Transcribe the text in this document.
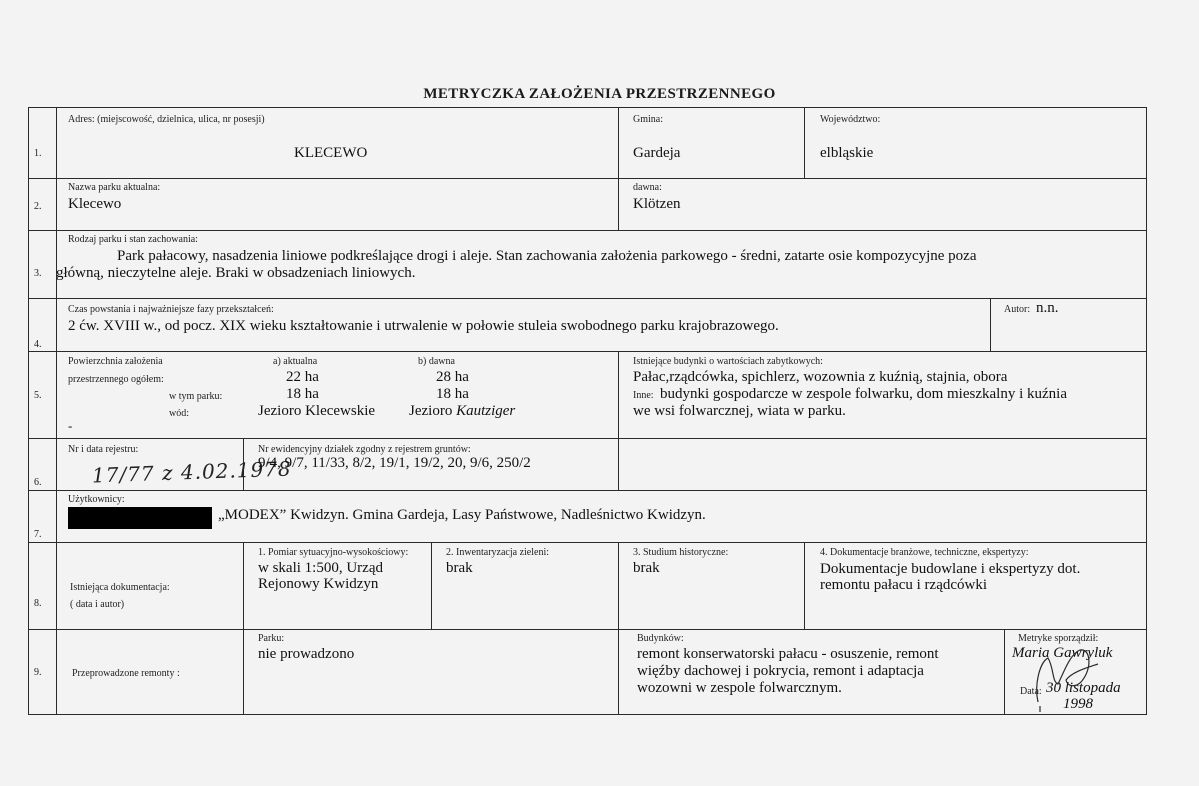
METRYCZKA ZAŁOŻENIA PRZESTRZENNEGO
1.
2.
3.
4.
5.
6.
7.
8.
9.
Adres: (miejscowość, dzielnica, ulica, nr posesji)
KLECEWO
Gmina:
Gardeja
Województwo:
elbląskie
Nazwa parku aktualna:
Klecewo
dawna:
Klötzen
Rodzaj parku i stan zachowania:
Park pałacowy, nasadzenia liniowe podkreślające drogi i aleje. Stan zachowania założenia parkowego - średni, zatarte osie kompozycyjne poza
główną, nieczytelne aleje. Braki w obsadzeniach liniowych.
Czas powstania i najważniejsze fazy przekształceń:
2 ćw. XVIII w., od pocz. XIX wieku kształtowanie i utrwalenie w połowie stuleia swobodnego parku krajobrazowego.
Autor: n.n.
Powierzchnia założenia
przestrzennego ogółem:
w tym parku:
wód:
-
a) aktualna	b) dawna
22 ha
18 ha
Jezioro Klecewskie
28 ha
18 ha
Jezioro Kautziger
Istniejące budynki o wartościach zabytkowych:
Pałac,rządcówka, spichlerz, wozownia z kuźnią, stajnia, obora
Inne: budynki gospodarcze w zespole folwarku, dom mieszkalny i kuźnia
we wsi folwarcznej, wiata w parku.
Nr i data rejestru:
17/77 z 4.02.1978
Nr ewidencyjny działek zgodny z rejestrem gruntów:
9/4, 9/7, 11/33, 8/2, 19/1, 19/2, 20, 9/6, 250/2
Użytkownicy:
„MODEX” Kwidzyn. Gmina Gardeja, Lasy Państwowe, Nadleśnictwo Kwidzyn.
Istniejąca dokumentacja:
( data i autor)
1. Pomiar sytuacyjno-wysokościowy:
w skali 1:500, Urząd
Rejonowy Kwidzyn
2. Inwentaryzacja zieleni:
brak
3. Studium historyczne:
brak
4. Dokumentacje branżowe, techniczne, ekspertyzy:
Dokumentacje budowlane i ekspertyzy dot.
remontu pałacu i rządcówki
Przeprowadzone remonty :
Parku:
nie prowadzono
Budynków:
remont konserwatorski pałacu - osuszenie, remont
więźby dachowej i pokrycia, remont i adaptacja
wozowni w zespole folwarcznym.
Metryke sporządził:
Maria Gawryluk
Data: 30 listopada
1998
